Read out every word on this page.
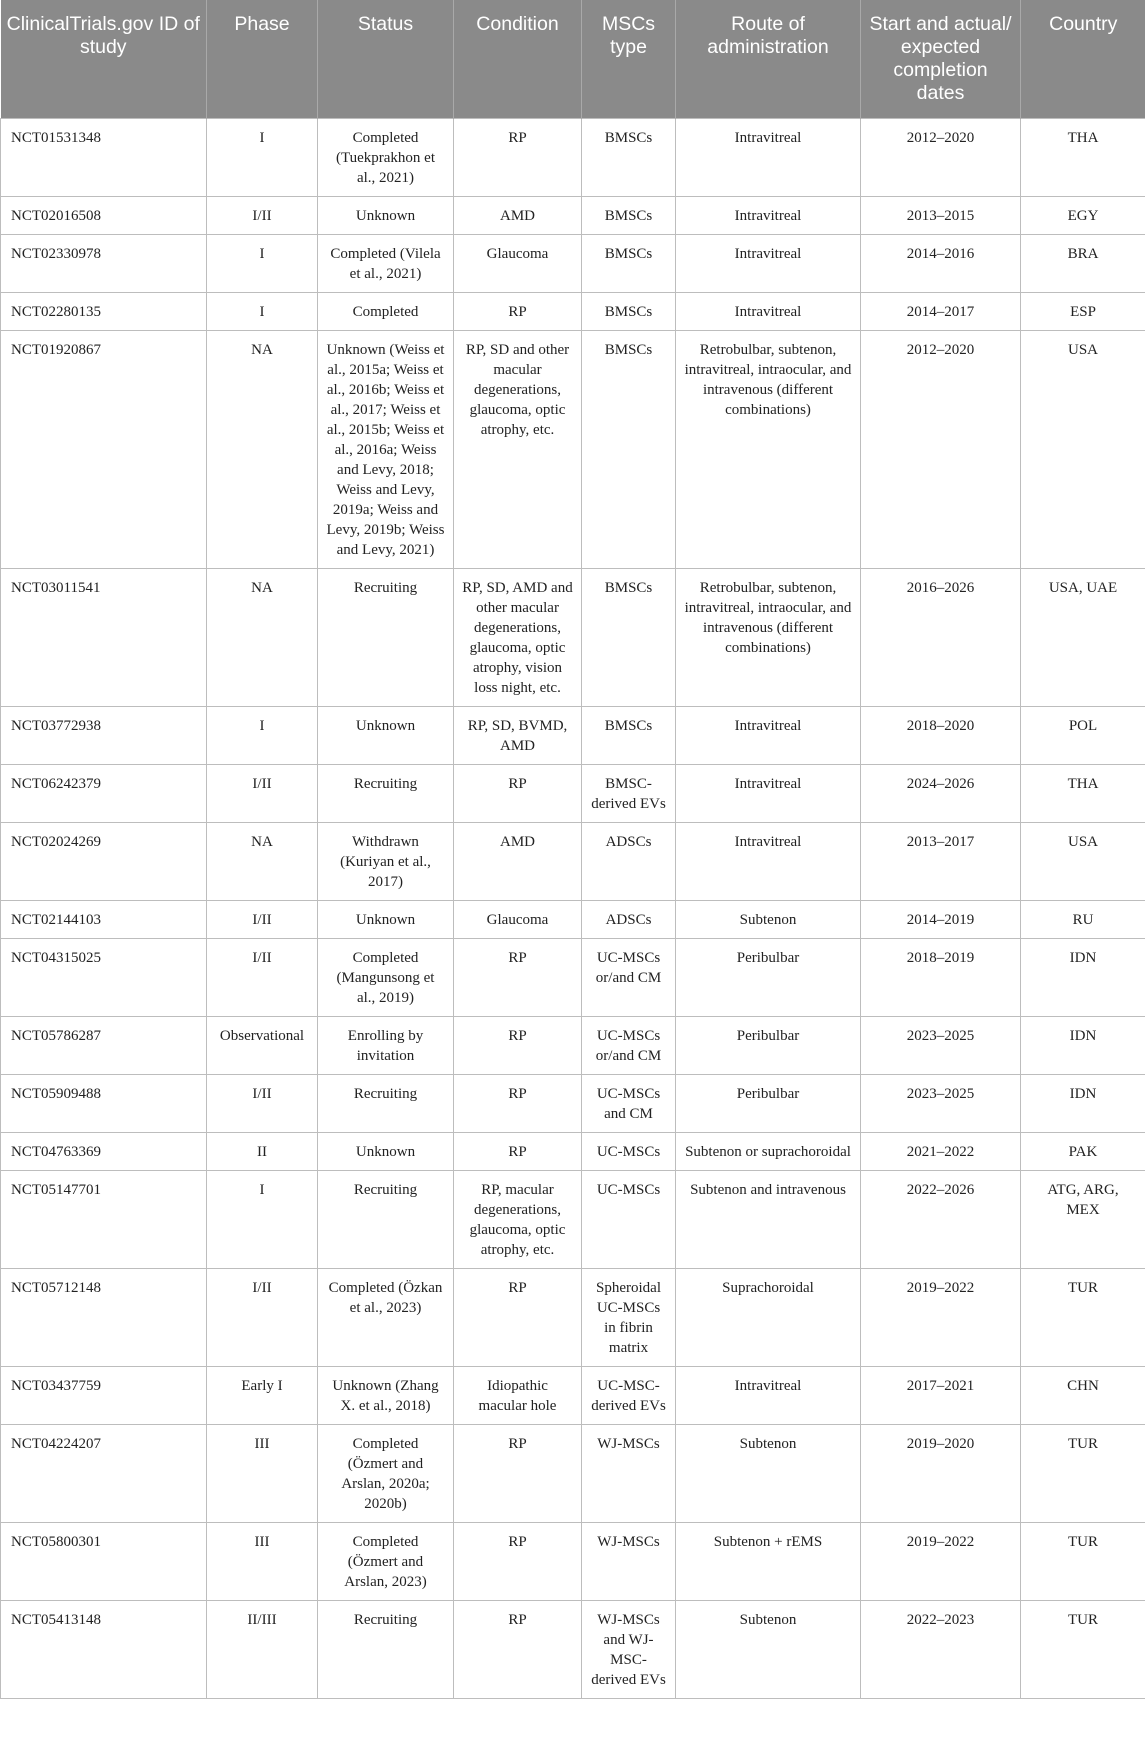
ClinicalTrials.gov ID of study	Phase	Status	Condition	MSCs type	Route of administration	Start and actual/ expected completion dates	Country
NCT01531348	I	Completed (Tuekprakhon et al., 2021)	RP	BMSCs	Intravitreal	2012–2020	THA
NCT02016508	I/II	Unknown	AMD	BMSCs	Intravitreal	2013–2015	EGY
NCT02330978	I	Completed (Vilela et al., 2021)	Glaucoma	BMSCs	Intravitreal	2014–2016	BRA
NCT02280135	I	Completed	RP	BMSCs	Intravitreal	2014–2017	ESP
NCT01920867	NA	Unknown (Weiss et al., 2015a; Weiss et al., 2016b; Weiss et al., 2017; Weiss et al., 2015b; Weiss et al., 2016a; Weiss and Levy, 2018; Weiss and Levy, 2019a; Weiss and Levy, 2019b; Weiss and Levy, 2021)	RP, SD and other macular degenerations, glaucoma, optic atrophy, etc.	BMSCs	Retrobulbar, subtenon, intravitreal, intraocular, and intravenous (different combinations)	2012–2020	USA
NCT03011541	NA	Recruiting	RP, SD, AMD and other macular degenerations, glaucoma, optic atrophy, vision loss night, etc.	BMSCs	Retrobulbar, subtenon, intravitreal, intraocular, and intravenous (different combinations)	2016–2026	USA, UAE
NCT03772938	I	Unknown	RP, SD, BVMD, AMD	BMSCs	Intravitreal	2018–2020	POL
NCT06242379	I/II	Recruiting	RP	BMSC-derived EVs	Intravitreal	2024–2026	THA
NCT02024269	NA	Withdrawn (Kuriyan et al., 2017)	AMD	ADSCs	Intravitreal	2013–2017	USA
NCT02144103	I/II	Unknown	Glaucoma	ADSCs	Subtenon	2014–2019	RU
NCT04315025	I/II	Completed (Mangunsong et al., 2019)	RP	UC-MSCs or/and CM	Peribulbar	2018–2019	IDN
NCT05786287	Observational	Enrolling by invitation	RP	UC-MSCs or/and CM	Peribulbar	2023–2025	IDN
NCT05909488	I/II	Recruiting	RP	UC-MSCs and CM	Peribulbar	2023–2025	IDN
NCT04763369	II	Unknown	RP	UC-MSCs	Subtenon or suprachoroidal	2021–2022	PAK
NCT05147701	I	Recruiting	RP, macular degenerations, glaucoma, optic atrophy, etc.	UC-MSCs	Subtenon and intravenous	2022–2026	ATG, ARG, MEX
NCT05712148	I/II	Completed (Özkan et al., 2023)	RP	Spheroidal UC-MSCs in fibrin matrix	Suprachoroidal	2019–2022	TUR
NCT03437759	Early I	Unknown (Zhang X. et al., 2018)	Idiopathic macular hole	UC-MSC-derived EVs	Intravitreal	2017–2021	CHN
NCT04224207	III	Completed (Özmert and Arslan, 2020a; 2020b)	RP	WJ-MSCs	Subtenon	2019–2020	TUR
NCT05800301	III	Completed (Özmert and Arslan, 2023)	RP	WJ-MSCs	Subtenon + rEMS	2019–2022	TUR
NCT05413148	II/III	Recruiting	RP	WJ-MSCs and WJ-MSC-derived EVs	Subtenon	2022–2023	TUR
